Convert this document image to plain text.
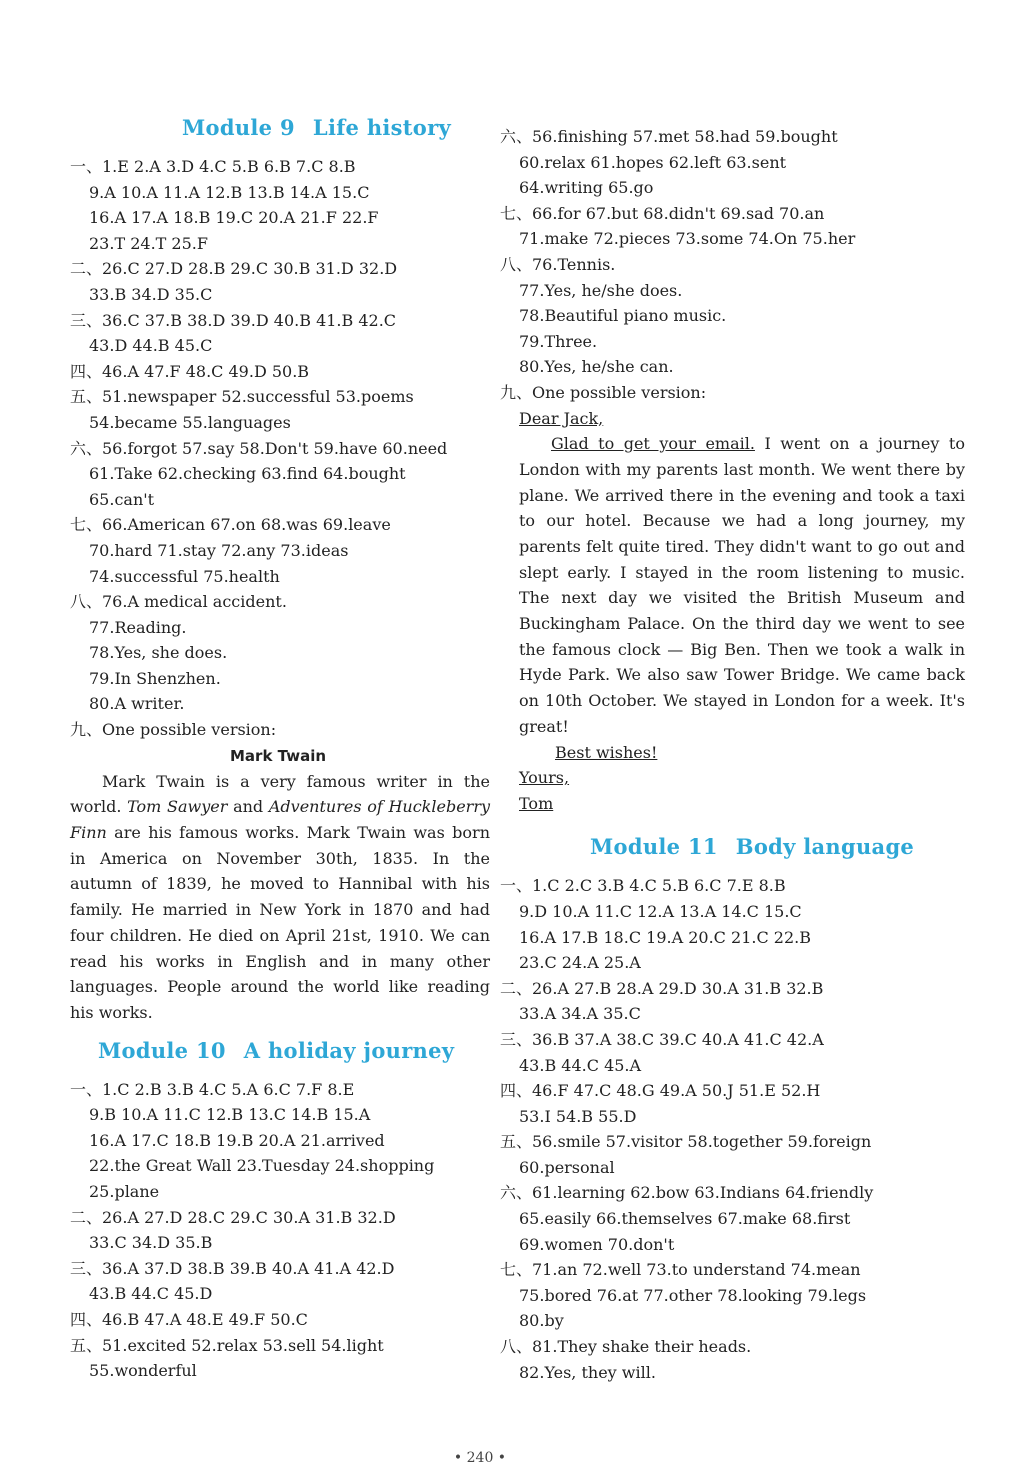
Module 9 Life history
一、1.E 2.A 3.D 4.C 5.B 6.B 7.C 8.B
9.A 10.A 11.A 12.B 13.B 14.A 15.C
16.A 17.A 18.B 19.C 20.A 21.F 22.F
23.T 24.T 25.F
二、26.C 27.D 28.B 29.C 30.B 31.D 32.D
33.B 34.D 35.C
三、36.C 37.B 38.D 39.D 40.B 41.B 42.C
43.D 44.B 45.C
四、46.A 47.F 48.C 49.D 50.B
五、51.newspaper 52.successful 53.poems
54.became 55.languages
六、56.forgot 57.say 58.Don't 59.have 60.need
61.Take 62.checking 63.find 64.bought
65.can't
七、66.American 67.on 68.was 69.leave
70.hard 71.stay 72.any 73.ideas
74.successful 75.health
八、76.A medical accident.
77.Reading.
78.Yes, she does.
79.In Shenzhen.
80.A writer.
九、One possible version:
Mark Twain

Mark Twain is a very famous writer in the world. Tom Sawyer and Adventures of Huckleberry Finn are his famous works. Mark Twain was born in America on November 30th, 1835. In the autumn of 1839, he moved to Hannibal with his family. He married in New York in 1870 and had four children. He died on April 21st, 1910. We can read his works in English and in many other languages. People around the world like reading his works.

Module 10 A holiday journey
一、1.C 2.B 3.B 4.C 5.A 6.C 7.F 8.E
9.B 10.A 11.C 12.B 13.C 14.B 15.A
16.A 17.C 18.B 19.B 20.A 21.arrived
22.the Great Wall 23.Tuesday 24.shopping
25.plane
二、26.A 27.D 28.C 29.C 30.A 31.B 32.D
33.C 34.D 35.B
三、36.A 37.D 38.B 39.B 40.A 41.A 42.D
43.B 44.C 45.D
四、46.B 47.A 48.E 49.F 50.C
五、51.excited 52.relax 53.sell 54.light
55.wonderful
六、56.finishing 57.met 58.had 59.bought
60.relax 61.hopes 62.left 63.sent
64.writing 65.go
七、66.for 67.but 68.didn't 69.sad 70.an
71.make 72.pieces 73.some 74.On 75.her
八、76.Tennis.
77.Yes, he/she does.
78.Beautiful piano music.
79.Three.
80.Yes, he/she can.
九、One possible version:
Dear Jack,

Glad to get your email. I went on a journey to London with my parents last month. We went there by plane. We arrived there in the evening and took a taxi to our hotel. Because we had a long journey, my parents felt quite tired. They didn't want to go out and slept early. I stayed in the room listening to music. The next day we visited the British Museum and Buckingham Palace. On the third day we went to see the famous clock — Big Ben. Then we took a walk in Hyde Park. We also saw Tower Bridge. We came back on 10th October. We stayed in London for a week. It's great!

Best wishes!
Yours,
Tom
Module 11 Body language
一、1.C 2.C 3.B 4.C 5.B 6.C 7.E 8.B
9.D 10.A 11.C 12.A 13.A 14.C 15.C
16.A 17.B 18.C 19.A 20.C 21.C 22.B
23.C 24.A 25.A
二、26.A 27.B 28.A 29.D 30.A 31.B 32.B
33.A 34.A 35.C
三、36.B 37.A 38.C 39.C 40.A 41.C 42.A
43.B 44.C 45.A
四、46.F 47.C 48.G 49.A 50.J 51.E 52.H
53.I 54.B 55.D
五、56.smile 57.visitor 58.together 59.foreign
60.personal
六、61.learning 62.bow 63.Indians 64.friendly
65.easily 66.themselves 67.make 68.first
69.women 70.don't
七、71.an 72.well 73.to understand 74.mean
75.bored 76.at 77.other 78.looking 79.legs
80.by
八、81.They shake their heads.
82.Yes, they will.
• 240 •
